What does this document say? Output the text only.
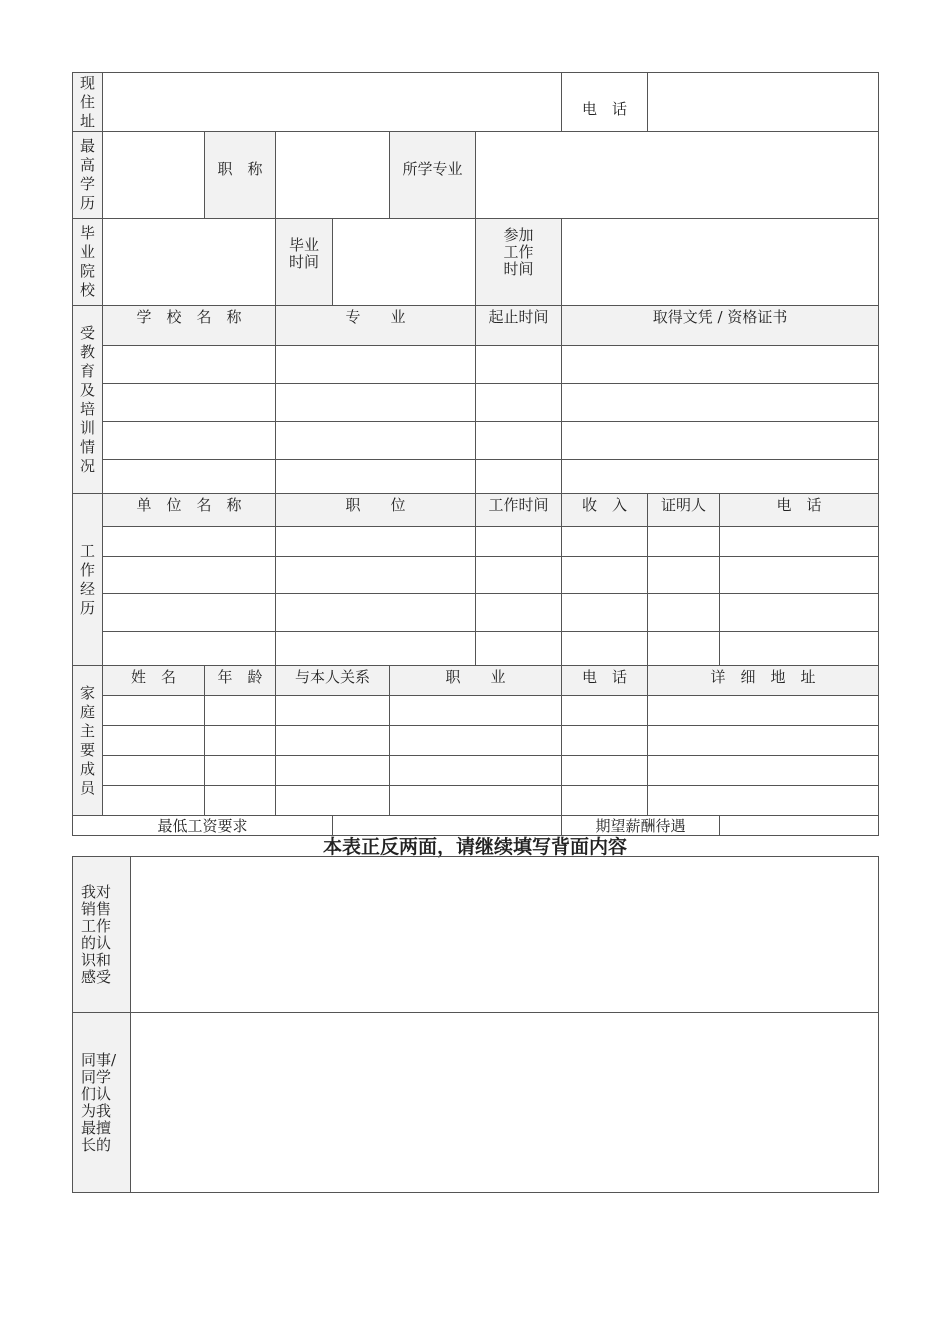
现住址							电　话		

最高学历		职　称			所学专业				

毕业院校			毕业时间			参加工作时间			

受教育及培训情况	学　校　名　称		专　　业			起止时间	取得文凭 / 资格证书		

工作经历	单　位　名　称		职　　位			工作时间	收　入	证明人	电　话

家庭主要成员	姓　名	年　龄	与本人关系		职　　业		电　话	详　细　地　址	

最低工资要求							期望薪酬待遇		
本表正反两面，请继续填写背面内容
我对销售工作的认识和感受	

同事/同学们认为我最擅长的	
